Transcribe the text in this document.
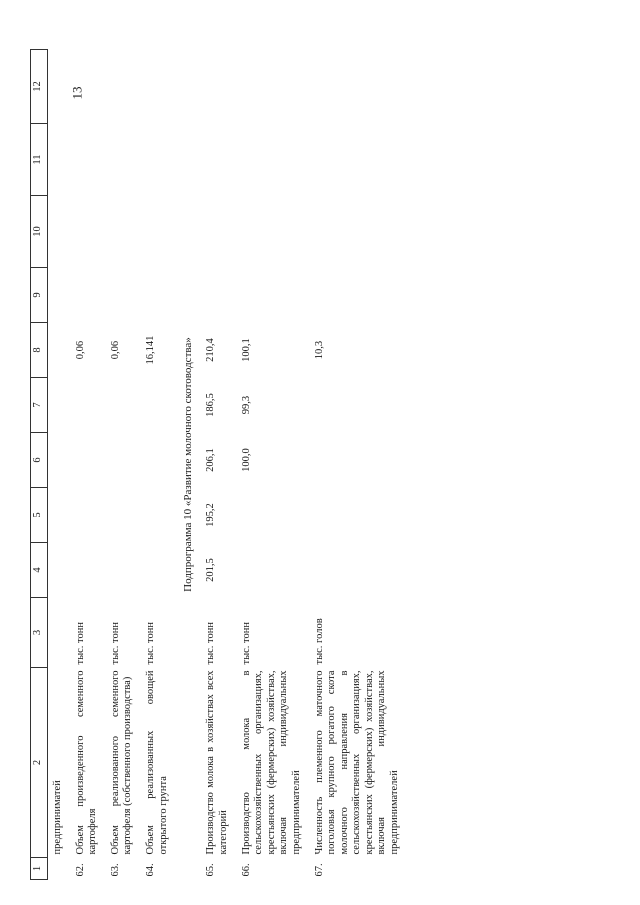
13
1	2	3	4	5	6	7	8	9	10	11	12
	предприниматей										
62.	Объем произведенного семенного картофеля	тыс. тонн					0,06				
63.	Объем реализованного семенного картофеля (собственного производства)	тыс. тонн					0,06				
64.	Объем реализованных овощей открытого грунта	тыс. тонн					16,141				
Подпрограмма 10 «Развитие молочного скотоводства»											
65.	Производство молока в хозяйствах всех категорий	тыс. тонн	201,5	195,2	206,1	186,5	210,4				
66.	Производство молока в сельскохозяйственных организациях, крестьянских (фермерских) хозяйствах, включая индивидуальных предпринимателей	тыс. тонн			100,0	99,3	100,1				
67.	Численность племенного маточного поголовья крупного рогатого скота молочного направления в сельскохозяйственных организациях, крестьянских (фермерских) хозяйствах, включая индивидуальных предпринимателей	тыс. голов					10,3				
